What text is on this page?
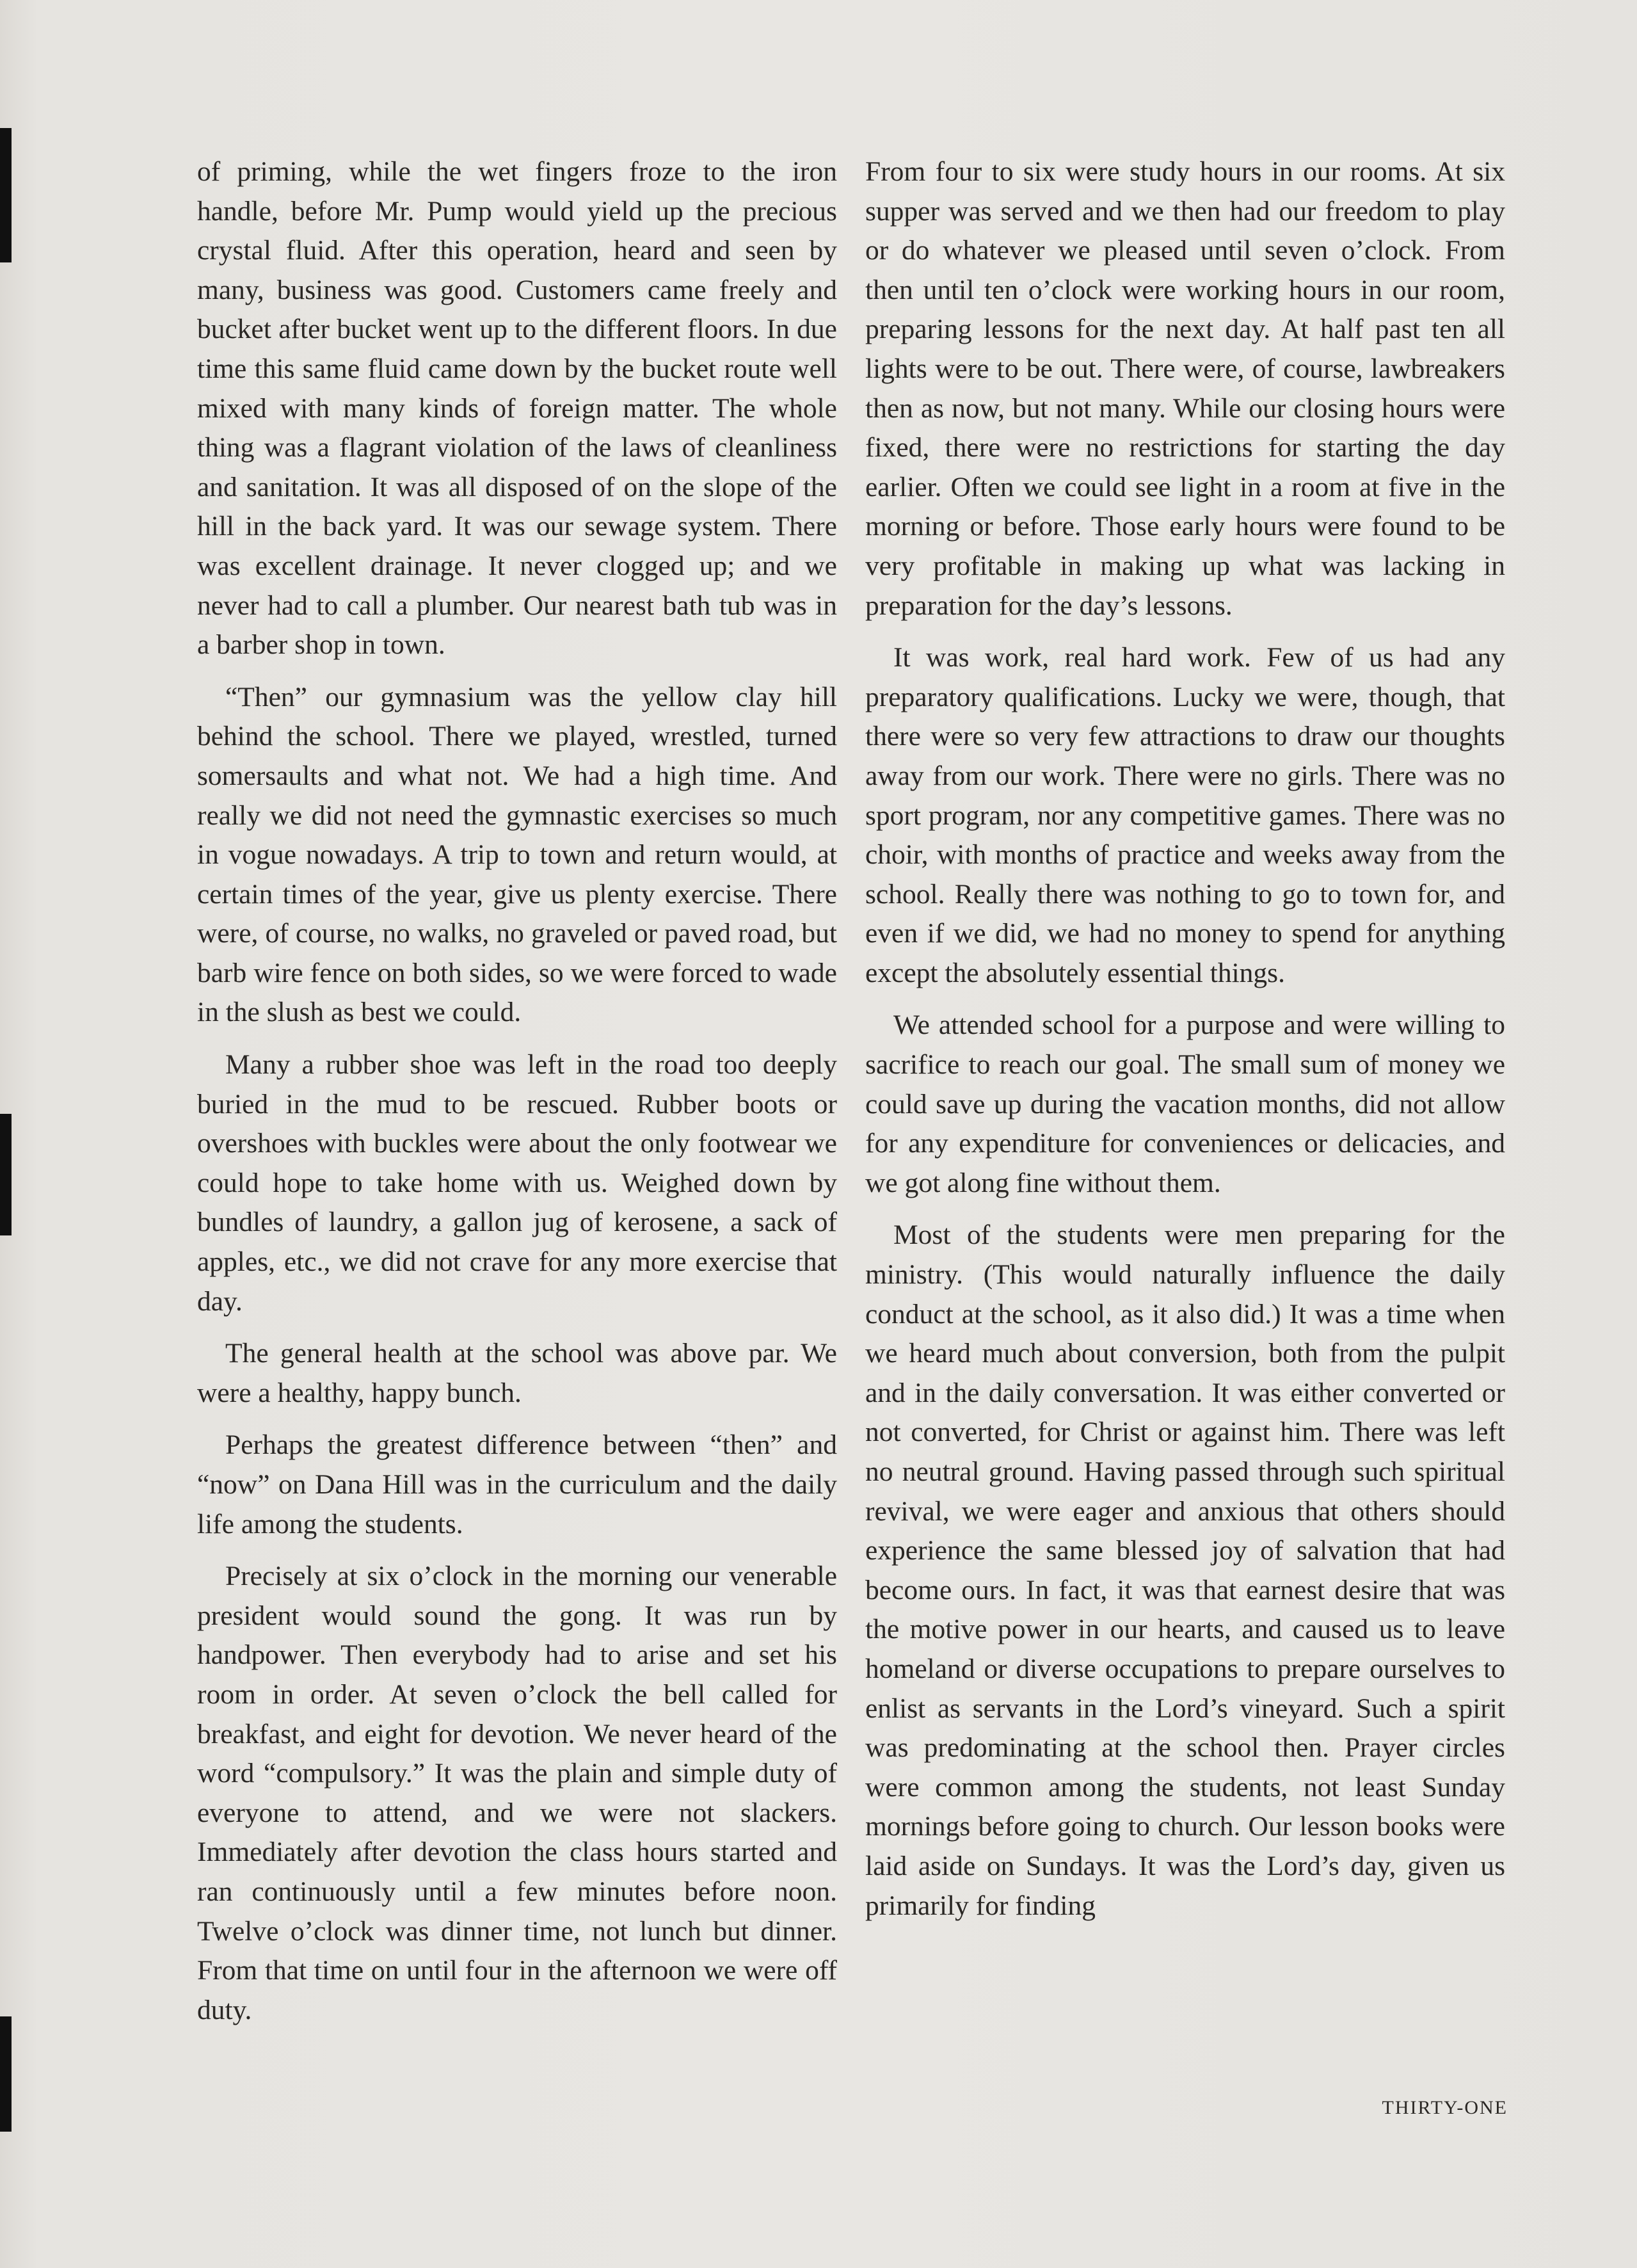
of priming, while the wet fingers froze to the iron handle, before Mr. Pump would yield up the precious crystal fluid. After this operation, heard and seen by many, business was good. Customers came freely and bucket after bucket went up to the different floors. In due time this same fluid came down by the bucket route well mixed with many kinds of foreign matter. The whole thing was a flagrant violation of the laws of cleanliness and sanitation. It was all disposed of on the slope of the hill in the back yard. It was our sewage system. There was excellent drainage. It never clogged up; and we never had to call a plumber. Our nearest bath tub was in a barber shop in town.

“Then” our gymnasium was the yellow clay hill behind the school. There we played, wrestled, turned somersaults and what not. We had a high time. And really we did not need the gymnastic exercises so much in vogue nowadays. A trip to town and return would, at certain times of the year, give us plenty exercise. There were, of course, no walks, no graveled or paved road, but barb wire fence on both sides, so we were forced to wade in the slush as best we could.

Many a rubber shoe was left in the road too deeply buried in the mud to be rescued. Rubber boots or overshoes with buckles were about the only footwear we could hope to take home with us. Weighed down by bundles of laundry, a gallon jug of kerosene, a sack of apples, etc., we did not crave for any more exercise that day.

The general health at the school was above par. We were a healthy, happy bunch.

Perhaps the greatest difference between “then” and “now” on Dana Hill was in the curriculum and the daily life among the students.

Precisely at six o’clock in the morning our venerable president would sound the gong. It was run by handpower. Then everybody had to arise and set his room in order. At seven o’clock the bell called for breakfast, and eight for devotion. We never heard of the word “compulsory.” It was the plain and simple duty of everyone to attend, and we were not slackers. Immediately after devotion the class hours started and ran continuously until a few minutes before noon. Twelve o’clock was dinner time, not lunch but dinner. From that time on until four in the afternoon we were off duty.

From four to six were study hours in our rooms. At six supper was served and we then had our freedom to play or do whatever we pleased until seven o’clock. From then until ten o’clock were working hours in our room, preparing lessons for the next day. At half past ten all lights were to be out. There were, of course, lawbreakers then as now, but not many. While our closing hours were fixed, there were no restrictions for starting the day earlier. Often we could see light in a room at five in the morning or before. Those early hours were found to be very profitable in making up what was lacking in preparation for the day’s lessons.

It was work, real hard work. Few of us had any preparatory qualifications. Lucky we were, though, that there were so very few attractions to draw our thoughts away from our work. There were no girls. There was no sport program, nor any competitive games. There was no choir, with months of practice and weeks away from the school. Really there was nothing to go to town for, and even if we did, we had no money to spend for anything except the absolutely essential things.

We attended school for a purpose and were willing to sacrifice to reach our goal. The small sum of money we could save up during the vacation months, did not allow for any expenditure for conveniences or delicacies, and we got along fine without them.

Most of the students were men preparing for the ministry. (This would naturally influence the daily conduct at the school, as it also did.) It was a time when we heard much about conversion, both from the pulpit and in the daily conversation. It was either converted or not converted, for Christ or against him. There was left no neutral ground. Having passed through such spiritual revival, we were eager and anxious that others should experience the same blessed joy of salvation that had become ours. In fact, it was that earnest desire that was the motive power in our hearts, and caused us to leave homeland or diverse occupations to prepare ourselves to enlist as servants in the Lord’s vineyard. Such a spirit was predominating at the school then. Prayer circles were common among the students, not least Sunday mornings before going to church. Our lesson books were laid aside on Sundays. It was the Lord’s day, given us primarily for finding

THIRTY-ONE
